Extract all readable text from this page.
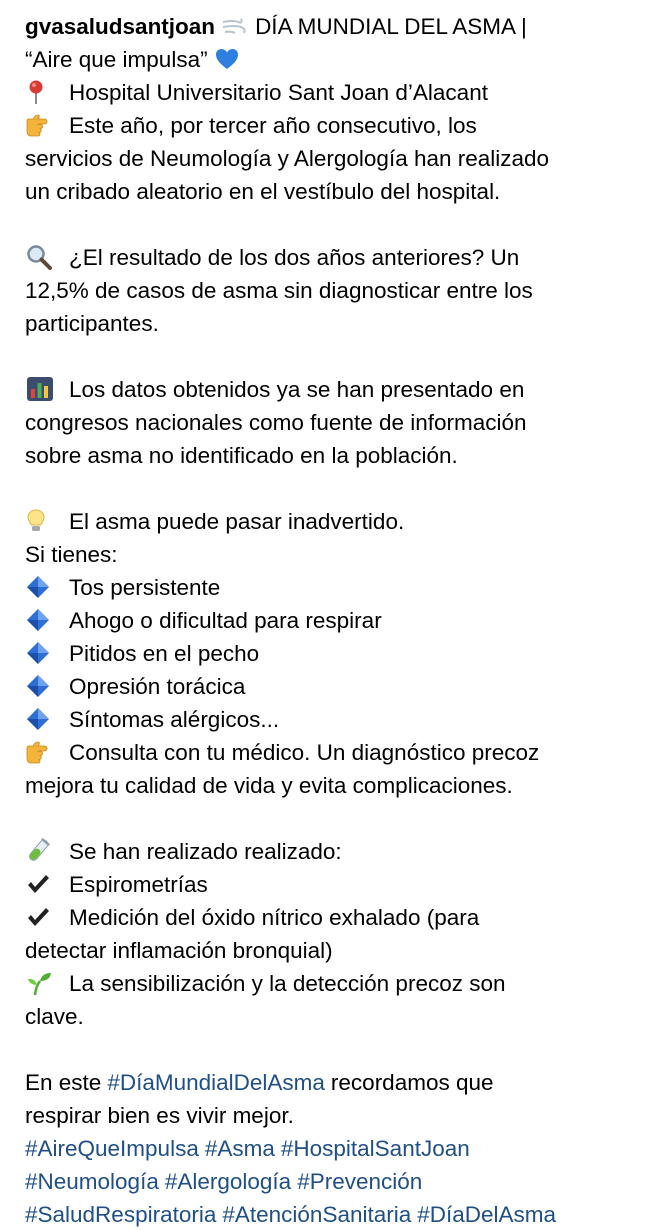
gvasaludsantjoan DÍA MUNDIAL DEL ASMA |
“Aire que impulsa”
Hospital Universitario Sant Joan d’Alacant
Este año, por tercer año consecutivo, los
servicios de Neumología y Alergología han realizado
un cribado aleatorio en el vestíbulo del hospital.
¿El resultado de los dos años anteriores? Un
12,5% de casos de asma sin diagnosticar entre los
participantes.
Los datos obtenidos ya se han presentado en
congresos nacionales como fuente de información
sobre asma no identificado en la población.
El asma puede pasar inadvertido.
Si tienes:
Tos persistente
Ahogo o dificultad para respirar
Pitidos en el pecho
Opresión torácica
Síntomas alérgicos...
Consulta con tu médico. Un diagnóstico precoz
mejora tu calidad de vida y evita complicaciones.
Se han realizado realizado:
Espirometrías
Medición del óxido nítrico exhalado (para
detectar inflamación bronquial)
La sensibilización y la detección precoz son
clave.
En este #DíaMundialDelAsma recordamos que
respirar bien es vivir mejor.
#AireQueImpulsa #Asma #HospitalSantJoan
#Neumología #Alergología #Prevención
#SaludRespiratoria #AtenciónSanitaria #DíaDelAsma
